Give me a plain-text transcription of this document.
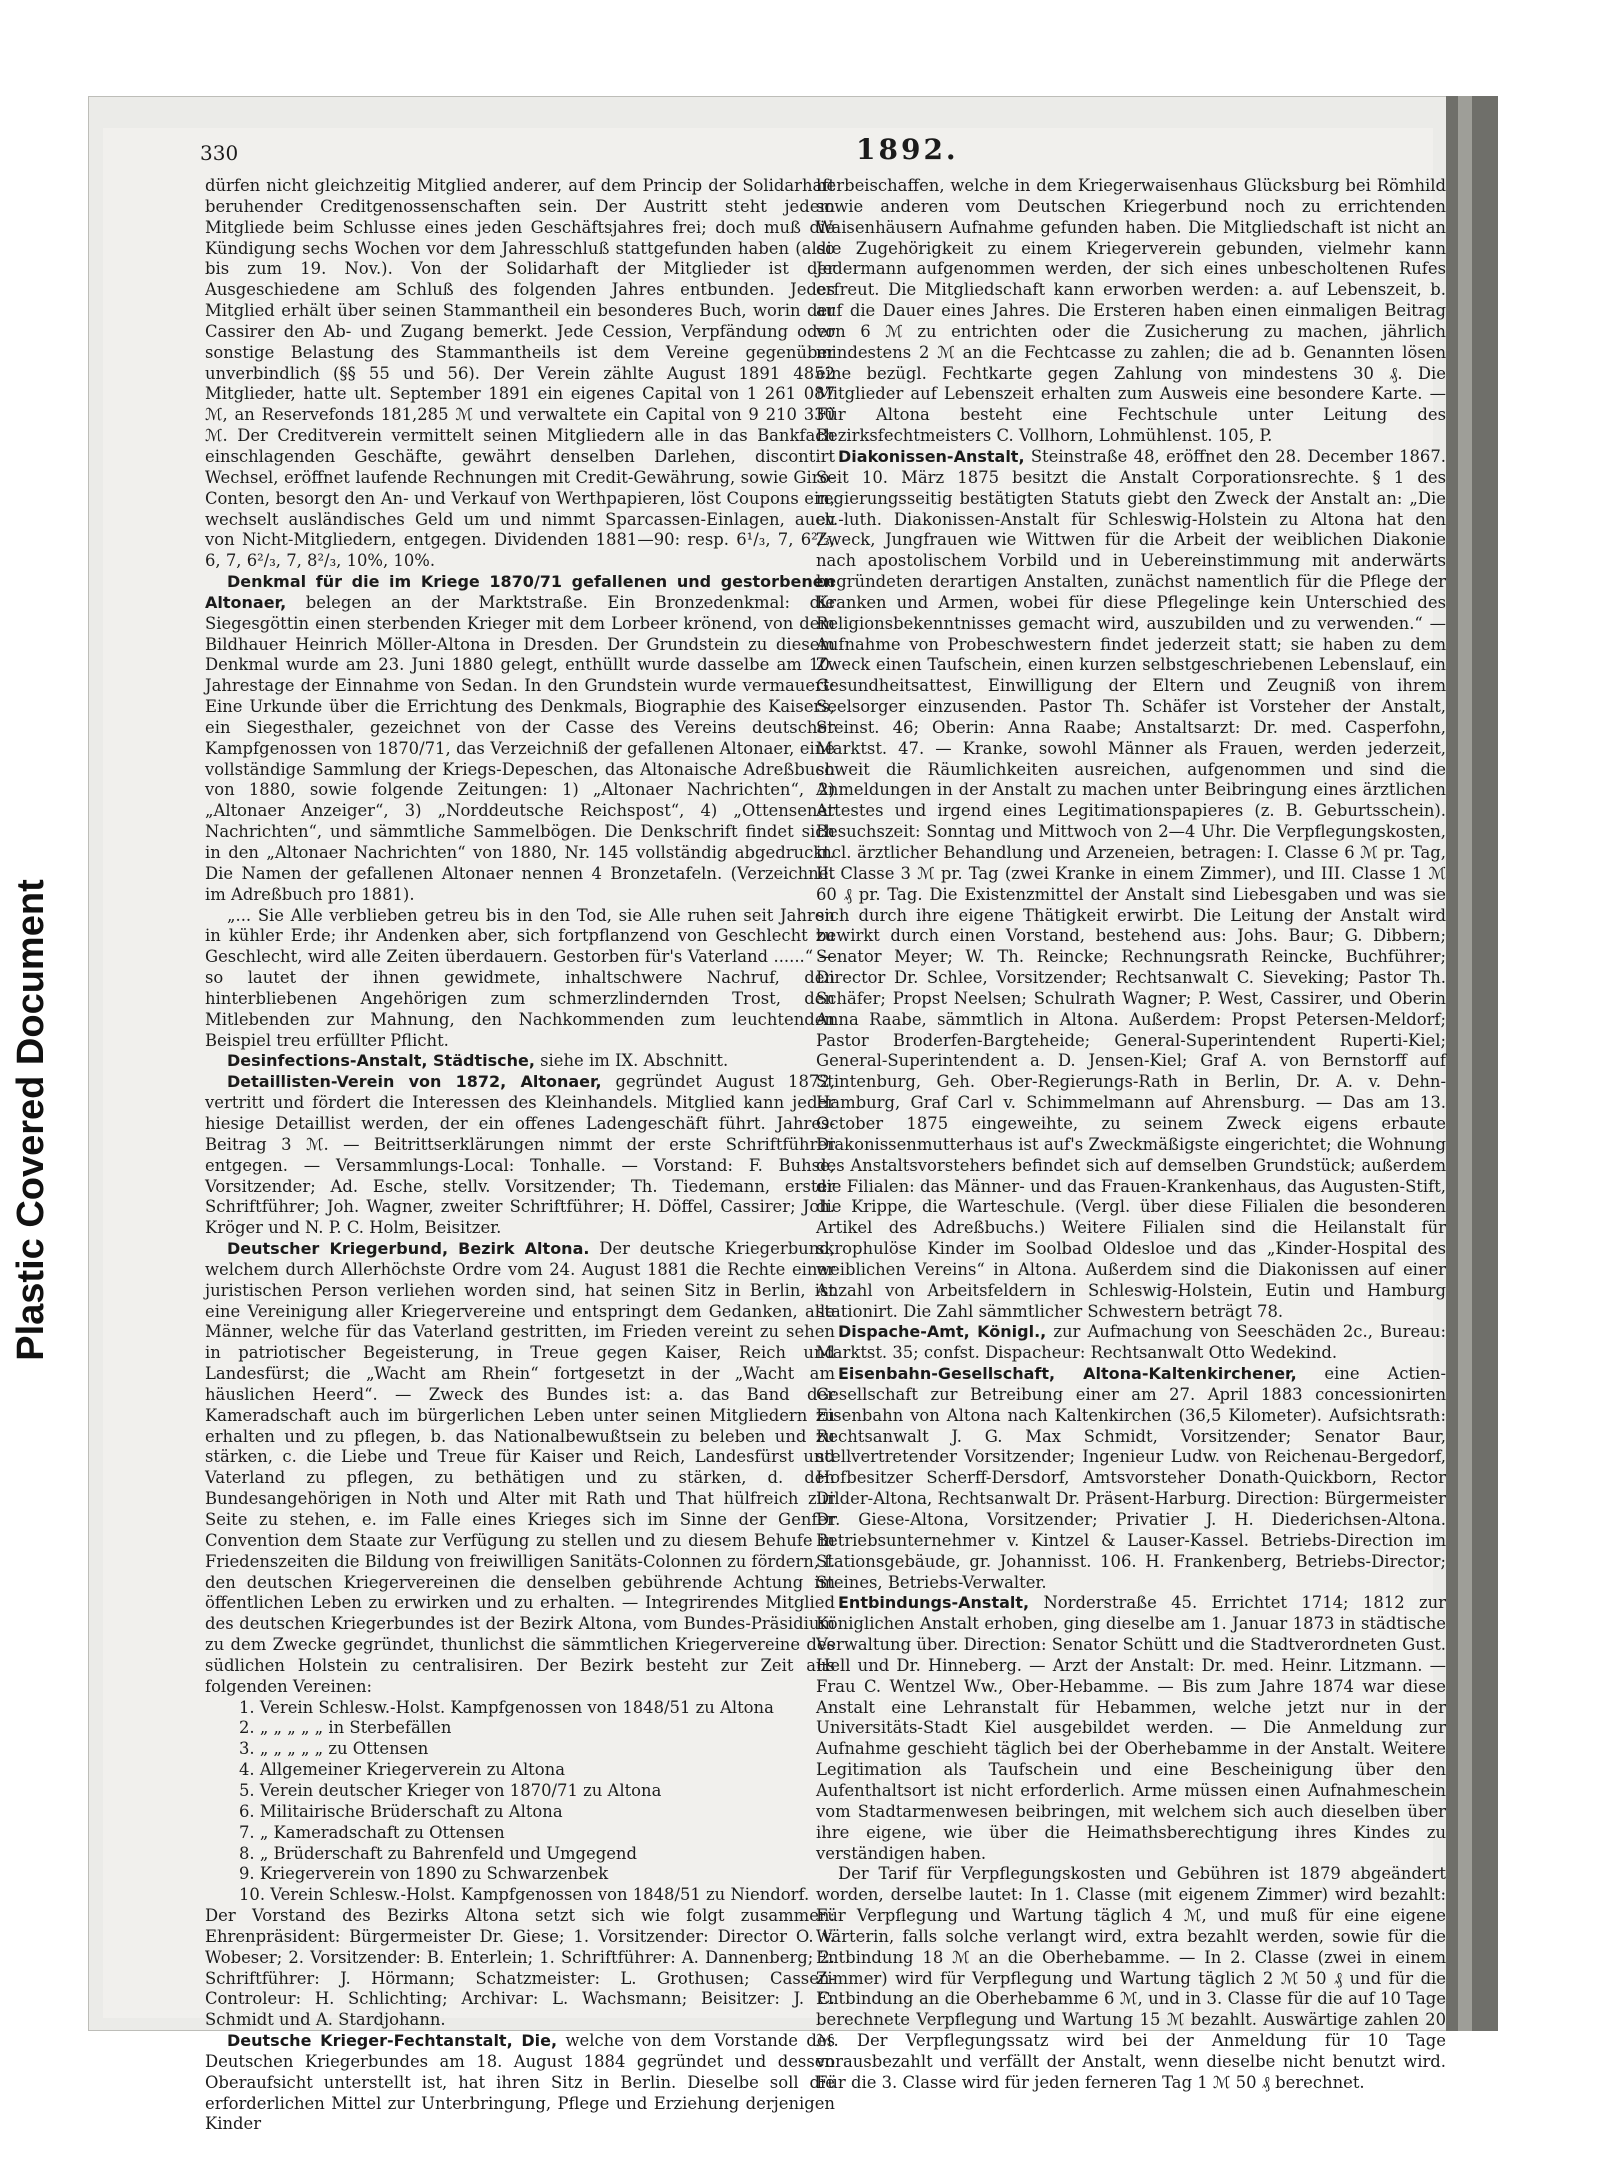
Plastic Covered Document
330	1892.

dürfen nicht gleichzeitig Mitglied anderer, auf dem Princip der Solidarhaft beruhender Creditgenossenschaften sein. Der Austritt steht jedem Mitgliede beim Schlusse eines jeden Geschäftsjahres frei; doch muß die Kündigung sechs Wochen vor dem Jahresschluß stattgefunden haben (also bis zum 19. Nov.). Von der Solidarhaft der Mitglieder ist der Ausgeschiedene am Schluß des folgenden Jahres entbunden. Jedes Mitglied erhält über seinen Stammantheil ein besonderes Buch, worin der Cassirer den Ab- und Zugang bemerkt. Jede Cession, Verpfändung oder sonstige Belastung des Stammantheils ist dem Vereine gegenüber unverbindlich (§§ 55 und 56). Der Verein zählte August 1891 4852 Mitglieder, hatte ult. September 1891 ein eigenes Capital von 1 261 087 ℳ, an Reservefonds 181,285 ℳ und verwaltete ein Capital von 9 210 330 ℳ. Der Creditverein vermittelt seinen Mitgliedern alle in das Bankfach einschlagenden Geschäfte, gewährt denselben Darlehen, discontirt Wechsel, eröffnet laufende Rechnungen mit Credit-Gewährung, sowie Giro-Conten, besorgt den An- und Verkauf von Werthpapieren, löst Coupons ein, wechselt ausländisches Geld um und nimmt Sparcassen-Einlagen, auch von Nicht-Mitgliedern, entgegen. Dividenden 1881—90: resp. 6¹/₃, 7, 6²/₃, 6, 7, 6²/₃, 7, 8²/₃, 10%, 10%.

Denkmal für die im Kriege 1870/71 gefallenen und gestorbenen Altonaer, belegen an der Marktstraße. Ein Bronzedenkmal: die Siegesgöttin einen sterbenden Krieger mit dem Lorbeer krönend, von dem Bildhauer Heinrich Möller-Altona in Dresden. Der Grundstein zu diesem Denkmal wurde am 23. Juni 1880 gelegt, enthüllt wurde dasselbe am 10. Jahrestage der Einnahme von Sedan. In den Grundstein wurde vermauert: Eine Urkunde über die Errichtung des Denkmals, Biographie des Kaisers, ein Siegesthaler, gezeichnet von der Casse des Vereins deutscher Kampfgenossen von 1870/71, das Verzeichniß der gefallenen Altonaer, eine vollständige Sammlung der Kriegs-Depeschen, das Altonaische Adreßbuch von 1880, sowie folgende Zeitungen: 1) „Altonaer Nachrichten“, 2) „Altonaer Anzeiger“, 3) „Norddeutsche Reichspost“, 4) „Ottensener Nachrichten“, und sämmtliche Sammelbögen. Die Denkschrift findet sich in den „Altonaer Nachrichten“ von 1880, Nr. 145 vollständig abgedruckt. Die Namen der gefallenen Altonaer nennen 4 Bronzetafeln. (Verzeichnet im Adreßbuch pro 1881).

„... Sie Alle verblieben getreu bis in den Tod, sie Alle ruhen seit Jahren in kühler Erde; ihr Andenken aber, sich fortpflanzend von Geschlecht zu Geschlecht, wird alle Zeiten überdauern. Gestorben für's Vaterland ......“ — so lautet der ihnen gewidmete, inhaltschwere Nachruf, den hinterbliebenen Angehörigen zum schmerzlindernden Trost, den Mitlebenden zur Mahnung, den Nachkommenden zum leuchtenden Beispiel treu erfüllter Pflicht.

Desinfections-Anstalt, Städtische, siehe im IX. Abschnitt.

Detaillisten-Verein von 1872, Altonaer, gegründet August 1872, vertritt und fördert die Interessen des Kleinhandels. Mitglied kann jeder hiesige Detaillist werden, der ein offenes Ladengeschäft führt. Jahres-Beitrag 3 ℳ. — Beitrittserklärungen nimmt der erste Schriftführer entgegen. — Versammlungs-Local: Tonhalle. — Vorstand: F. Buhse, Vorsitzender; Ad. Esche, stellv. Vorsitzender; Th. Tiedemann, erster Schriftführer; Joh. Wagner, zweiter Schriftführer; H. Döffel, Cassirer; Joh. Kröger und N. P. C. Holm, Beisitzer.

Deutscher Kriegerbund, Bezirk Altona. Der deutsche Kriegerbund, welchem durch Allerhöchste Ordre vom 24. August 1881 die Rechte einer juristischen Person verliehen worden sind, hat seinen Sitz in Berlin, ist eine Vereinigung aller Kriegervereine und entspringt dem Gedanken, alle Männer, welche für das Vaterland gestritten, im Frieden vereint zu sehen in patriotischer Begeisterung, in Treue gegen Kaiser, Reich und Landesfürst; die „Wacht am Rhein“ fortgesetzt in der „Wacht am häuslichen Heerd“. — Zweck des Bundes ist: a. das Band der Kameradschaft auch im bürgerlichen Leben unter seinen Mitgliedern zu erhalten und zu pflegen, b. das Nationalbewußtsein zu beleben und zu stärken, c. die Liebe und Treue für Kaiser und Reich, Landesfürst und Vaterland zu pflegen, zu bethätigen und zu stärken, d. den Bundesangehörigen in Noth und Alter mit Rath und That hülfreich zur Seite zu stehen, e. im Falle eines Krieges sich im Sinne der Genfer Convention dem Staate zur Verfügung zu stellen und zu diesem Behufe in Friedenszeiten die Bildung von freiwilligen Sanitäts-Colonnen zu fördern, f. den deutschen Kriegervereinen die denselben gebührende Achtung im öffentlichen Leben zu erwirken und zu erhalten. — Integrirendes Mitglied des deutschen Kriegerbundes ist der Bezirk Altona, vom Bundes-Präsidium zu dem Zwecke gegründet, thunlichst die sämmtlichen Kriegervereine des südlichen Holstein zu centralisiren. Der Bezirk besteht zur Zeit aus folgenden Vereinen:

1. Verein Schlesw.-Holst. Kampfgenossen von 1848/51 zu Altona
2. „ „ „ „ „ in Sterbefällen
3. „ „ „ „ „ zu Ottensen
4. Allgemeiner Kriegerverein zu Altona
5. Verein deutscher Krieger von 1870/71 zu Altona
6. Militairische Brüderschaft zu Altona
7. „ Kameradschaft zu Ottensen
8. „ Brüderschaft zu Bahrenfeld und Umgegend
9. Kriegerverein von 1890 zu Schwarzenbek
10. Verein Schlesw.-Holst. Kampfgenossen von 1848/51 zu Niendorf.

Der Vorstand des Bezirks Altona setzt sich wie folgt zusammen: Ehrenpräsident: Bürgermeister Dr. Giese; 1. Vorsitzender: Director O. v. Wobeser; 2. Vorsitzender: B. Enterlein; 1. Schriftführer: A. Dannenberg; 2. Schriftführer: J. Hörmann; Schatzmeister: L. Grothusen; Cassen-Controleur: H. Schlichting; Archivar: L. Wachsmann; Beisitzer: J. C. Schmidt und A. Stardjohann.

Deutsche Krieger-Fechtanstalt, Die, welche von dem Vorstande des Deutschen Kriegerbundes am 18. August 1884 gegründet und dessen Oberaufsicht unterstellt ist, hat ihren Sitz in Berlin. Dieselbe soll die erforderlichen Mittel zur Unterbringung, Pflege und Erziehung derjenigen Kinder

herbeischaffen, welche in dem Kriegerwaisenhaus Glücksburg bei Römhild sowie anderen vom Deutschen Kriegerbund noch zu errichtenden Waisenhäusern Aufnahme gefunden haben. Die Mitgliedschaft ist nicht an die Zugehörigkeit zu einem Kriegerverein gebunden, vielmehr kann Jedermann aufgenommen werden, der sich eines unbescholtenen Rufes erfreut. Die Mitgliedschaft kann erworben werden: a. auf Lebenszeit, b. auf die Dauer eines Jahres. Die Ersteren haben einen einmaligen Beitrag von 6 ℳ zu entrichten oder die Zusicherung zu machen, jährlich mindestens 2 ℳ an die Fechtcasse zu zahlen; die ad b. Genannten lösen eine bezügl. Fechtkarte gegen Zahlung von mindestens 30 ₰. Die Mitglieder auf Lebenszeit erhalten zum Ausweis eine besondere Karte. — Für Altona besteht eine Fechtschule unter Leitung des Bezirksfechtmeisters C. Vollhorn, Lohmühlenst. 105, P.

Diakonissen-Anstalt, Steinstraße 48, eröffnet den 28. December 1867. Seit 10. März 1875 besitzt die Anstalt Corporationsrechte. § 1 des regierungsseitig bestätigten Statuts giebt den Zweck der Anstalt an: „Die ev.-luth. Diakonissen-Anstalt für Schleswig-Holstein zu Altona hat den Zweck, Jungfrauen wie Wittwen für die Arbeit der weiblichen Diakonie nach apostolischem Vorbild und in Uebereinstimmung mit anderwärts begründeten derartigen Anstalten, zunächst namentlich für die Pflege der Kranken und Armen, wobei für diese Pflegelinge kein Unterschied des Religionsbekenntnisses gemacht wird, auszubilden und zu verwenden.“ — Aufnahme von Probeschwestern findet jederzeit statt; sie haben zu dem Zweck einen Taufschein, einen kurzen selbstgeschriebenen Lebenslauf, ein Gesundheitsattest, Einwilligung der Eltern und Zeugniß von ihrem Seelsorger einzusenden. Pastor Th. Schäfer ist Vorsteher der Anstalt, Steinst. 46; Oberin: Anna Raabe; Anstaltsarzt: Dr. med. Casperfohn, Marktst. 47. — Kranke, sowohl Männer als Frauen, werden jederzeit, soweit die Räumlichkeiten ausreichen, aufgenommen und sind die Anmeldungen in der Anstalt zu machen unter Beibringung eines ärztlichen Attestes und irgend eines Legitimationspapieres (z. B. Geburtsschein). Besuchszeit: Sonntag und Mittwoch von 2—4 Uhr. Die Verpflegungskosten, incl. ärztlicher Behandlung und Arzeneien, betragen: I. Classe 6 ℳ pr. Tag, II. Classe 3 ℳ pr. Tag (zwei Kranke in einem Zimmer), und III. Classe 1 ℳ 60 ₰ pr. Tag. Die Existenzmittel der Anstalt sind Liebesgaben und was sie sich durch ihre eigene Thätigkeit erwirbt. Die Leitung der Anstalt wird bewirkt durch einen Vorstand, bestehend aus: Johs. Baur; G. Dibbern; Senator Meyer; W. Th. Reincke; Rechnungsrath Reincke, Buchführer; Director Dr. Schlee, Vorsitzender; Rechtsanwalt C. Sieveking; Pastor Th. Schäfer; Propst Neelsen; Schulrath Wagner; P. West, Cassirer, und Oberin Anna Raabe, sämmtlich in Altona. Außerdem: Propst Petersen-Meldorf; Pastor Broderfen-Bargteheide; General-Superintendent Ruperti-Kiel; General-Superintendent a. D. Jensen-Kiel; Graf A. von Bernstorff auf Stintenburg, Geh. Ober-Regierungs-Rath in Berlin, Dr. A. v. Dehn-Hamburg, Graf Carl v. Schimmelmann auf Ahrensburg. — Das am 13. October 1875 eingeweihte, zu seinem Zweck eigens erbaute Diakonissenmutterhaus ist auf's Zweckmäßigste eingerichtet; die Wohnung des Anstaltsvorstehers befindet sich auf demselben Grundstück; außerdem die Filialen: das Männer- und das Frauen-Krankenhaus, das Augusten-Stift, die Krippe, die Warteschule. (Vergl. über diese Filialen die besonderen Artikel des Adreßbuchs.) Weitere Filialen sind die Heilanstalt für skrophulöse Kinder im Soolbad Oldesloe und das „Kinder-Hospital des weiblichen Vereins“ in Altona. Außerdem sind die Diakonissen auf einer Anzahl von Arbeitsfeldern in Schleswig-Holstein, Eutin und Hamburg stationirt. Die Zahl sämmtlicher Schwestern beträgt 78.

Dispache-Amt, Königl., zur Aufmachung von Seeschäden 2c., Bureau: Marktst. 35; confst. Dispacheur: Rechtsanwalt Otto Wedekind.

Eisenbahn-Gesellschaft, Altona-Kaltenkirchener, eine Actien-Gesellschaft zur Betreibung einer am 27. April 1883 concessionirten Eisenbahn von Altona nach Kaltenkirchen (36,5 Kilometer). Aufsichtsrath: Rechtsanwalt J. G. Max Schmidt, Vorsitzender; Senator Baur, stellvertretender Vorsitzender; Ingenieur Ludw. von Reichenau-Bergedorf, Hofbesitzer Scherff-Dersdorf, Amtsvorsteher Donath-Quickborn, Rector Dilder-Altona, Rechtsanwalt Dr. Präsent-Harburg. Direction: Bürgermeister Dr. Giese-Altona, Vorsitzender; Privatier J. H. Diederichsen-Altona. Betriebsunternehmer v. Kintzel & Lauser-Kassel. Betriebs-Direction im Stationsgebäude, gr. Johannisst. 106. H. Frankenberg, Betriebs-Director; Steines, Betriebs-Verwalter.

Entbindungs-Anstalt, Norderstraße 45. Errichtet 1714; 1812 zur Königlichen Anstalt erhoben, ging dieselbe am 1. Januar 1873 in städtische Verwaltung über. Direction: Senator Schütt und die Stadtverordneten Gust. Hell und Dr. Hinneberg. — Arzt der Anstalt: Dr. med. Heinr. Litzmann. — Frau C. Wentzel Ww., Ober-Hebamme. — Bis zum Jahre 1874 war diese Anstalt eine Lehranstalt für Hebammen, welche jetzt nur in der Universitäts-Stadt Kiel ausgebildet werden. — Die Anmeldung zur Aufnahme geschieht täglich bei der Oberhebamme in der Anstalt. Weitere Legitimation als Taufschein und eine Bescheinigung über den Aufenthaltsort ist nicht erforderlich. Arme müssen einen Aufnahmeschein vom Stadtarmenwesen beibringen, mit welchem sich auch dieselben über ihre eigene, wie über die Heimathsberechtigung ihres Kindes zu verständigen haben.

Der Tarif für Verpflegungskosten und Gebühren ist 1879 abgeändert worden, derselbe lautet: In 1. Classe (mit eigenem Zimmer) wird bezahlt: Für Verpflegung und Wartung täglich 4 ℳ, und muß für eine eigene Wärterin, falls solche verlangt wird, extra bezahlt werden, sowie für die Entbindung 18 ℳ an die Oberhebamme. — In 2. Classe (zwei in einem Zimmer) wird für Verpflegung und Wartung täglich 2 ℳ 50 ₰ und für die Entbindung an die Oberhebamme 6 ℳ, und in 3. Classe für die auf 10 Tage berechnete Verpflegung und Wartung 15 ℳ bezahlt. Auswärtige zahlen 20 ℳ. Der Verpflegungssatz wird bei der Anmeldung für 10 Tage vorausbezahlt und verfällt der Anstalt, wenn dieselbe nicht benutzt wird. Für die 3. Classe wird für jeden ferneren Tag 1 ℳ 50 ₰ berechnet.
